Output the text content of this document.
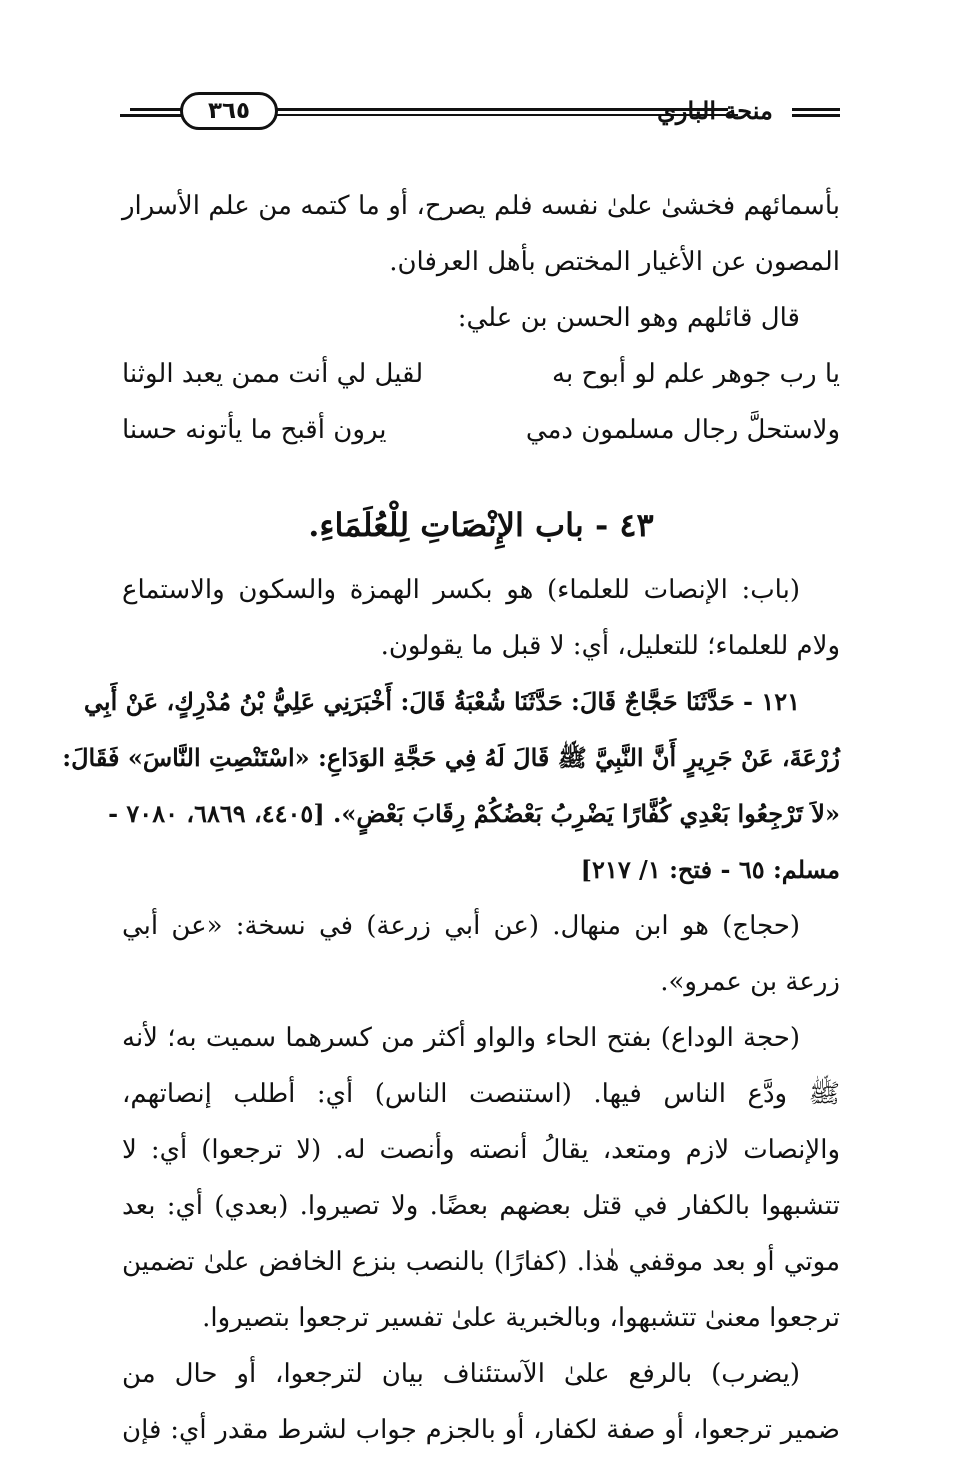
٣٦٥	منحة الباري
بأسمائهم فخشىٰ علىٰ نفسه فلم يصرح، أو ما كتمه من علم الأسرار
المصون عن الأغيار المختص بأهل العرفان.
قال قائلهم وهو الحسن بن علي:
يا رب جوهر علم لو أبوح به
لقيل لي أنت ممن يعبد الوثنا
ولاستحلَّ رجال مسلمون دمي
يرون أقبح ما يأتونه حسنا
٤٣ - باب الإِنْصَاتِ لِلْعُلَمَاءِ.
(باب: الإنصات للعلماء) هو بكسر الهمزة والسكون والاستماع
ولام للعلماء؛ للتعليل، أي: لا قبل ما يقولون.
١٢١ - حَدَّثَنَا حَجَّاجٌ قَالَ: حَدَّثَنَا شُعْبَةُ قَالَ: أَخْبَرَنِي عَلِيُّ بْنُ مُدْرِكٍ، عَنْ أَبِي
زُرْعَةَ، عَنْ جَرِيرٍ أَنَّ النَّبِيَّ ﷺ قَالَ لَهُ فِي حَجَّةِ الوَدَاعِ: «اسْتَنْصِتِ النَّاسَ» فَقَالَ:
«لاَ تَرْجِعُوا بَعْدِي كُفَّارًا يَضْرِبُ بَعْضُكُمْ رِقَابَ بَعْضٍ». [٤٤٠٥، ٦٨٦٩، ٧٠٨٠ -
مسلم: ٦٥ - فتح: ١/ ٢١٧]
(حجاج) هو ابن منهال. (عن أبي زرعة) في نسخة: «عن أبي
زرعة بن عمرو».
(حجة الوداع) بفتح الحاء والواو أكثر من كسرهما سميت به؛ لأنه
ﷺ ودَّع الناس فيها. (استنصت الناس) أي: أطلب إنصاتهم،
والإنصات لازم ومتعد، يقالُ أنصته وأنصت له. (لا ترجعوا) أي: لا
تتشبهوا بالكفار في قتل بعضهم بعضًا. ولا تصيروا. (بعدي) أي: بعد
موتي أو بعد موقفي هٰذا. (كفارًا) بالنصب بنزع الخافض علىٰ تضمين
ترجعوا معنىٰ تتشبهوا، وبالخبرية علىٰ تفسير ترجعوا بتصيروا.
(يضرب) بالرفع علىٰ الآستئناف بيان لترجعوا، أو حال من
ضمير ترجعوا، أو صفة لكفار، أو بالجزم جواب لشرط مقدر أي: فإن
